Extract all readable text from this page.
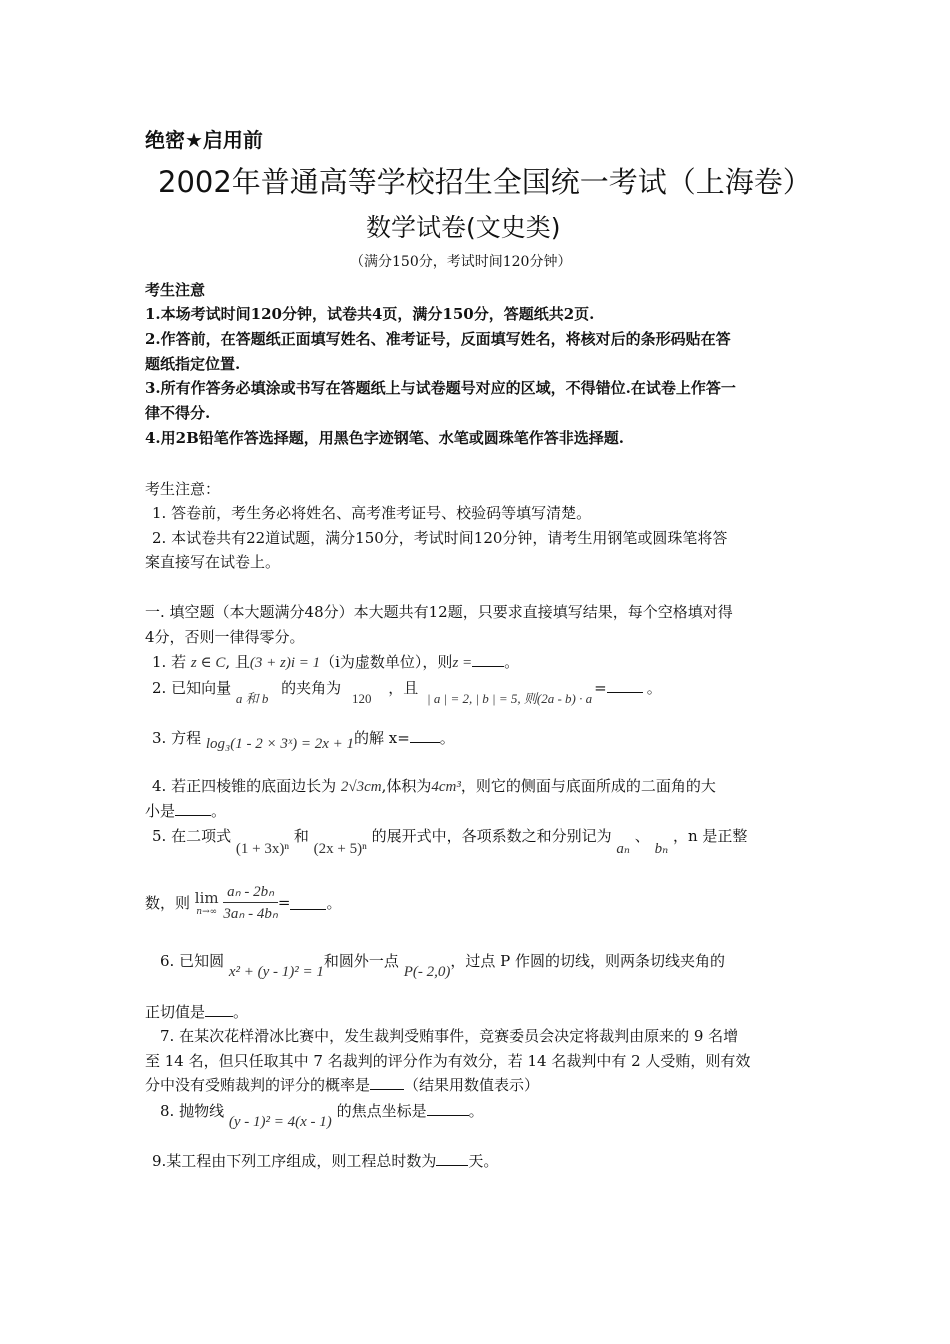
绝密★启用前
2002年普通高等学校招生全国统一考试（上海卷）
数学试卷(文史类)
（满分150分，考试时间120分钟）
考生注意
1.本场考试时间120分钟，试卷共4页，满分150分，答题纸共2页.
2.作答前，在答题纸正面填写姓名、准考证号，反面填写姓名，将核对后的条形码贴在答
题纸指定位置.
3.所有作答务必填涂或书写在答题纸上与试卷题号对应的区域，不得错位.在试卷上作答一
律不得分.
4.用2B铅笔作答选择题，用黑色字迹钢笔、水笔或圆珠笔作答非选择题.
考生注意：
1. 答卷前，考生务必将姓名、高考准考证号、校验码等填写清楚。
2. 本试卷共有22道试题，满分150分，考试时间120分钟，请考生用钢笔或圆珠笔将答
案直接写在试卷上。
一. 填空题（本大题满分48分）本大题共有12题，只要求直接填写结果，每个空格填对得
4分，否则一律得零分。
1. 若 z ∈ C, 且(3 + z)i = 1（i为虚数单位），则z = 。
2. 已知向量 a 和 b 的夹角为 120 ，且 | a | = 2, | b | = 5, 则(2a - b) · a=	。
3. 方程 log₃(1 - 2 × 3ˣ) = 2x + 1的解 x= 。
4. 若正四棱锥的底面边长为 2√3cm,体积为4cm³，则它的侧面与底面所成的二面角的大
小是 。
5. 在二项式 (1 + 3x)ⁿ 和 (2x + 5)ⁿ 的展开式中，各项系数之和分别记为 aₙ 、 bₙ ，n 是正整
数，则 lim
n→∞
$\frac{\text{aₙ - 2bₙ}}{\text{3aₙ - 4bₙ}}$ = 。
6. 已知圆 x² + (y - 1)² = 1和圆外一点 P(- 2,0)，过点 P 作圆的切线，则两条切线夹角的
正切值是 。
7. 在某次花样滑冰比赛中，发生裁判受贿事件，竞赛委员会决定将裁判由原来的 9 名增
至 14 名，但只任取其中 7 名裁判的评分作为有效分，若 14 名裁判中有 2 人受贿，则有效
分中没有受贿裁判的评分的概率是 （结果用数值表示）
8. 抛物线 (y - 1)² = 4(x - 1) 的焦点坐标是	。
9.某工程由下列工序组成，则工程总时数为 天。
